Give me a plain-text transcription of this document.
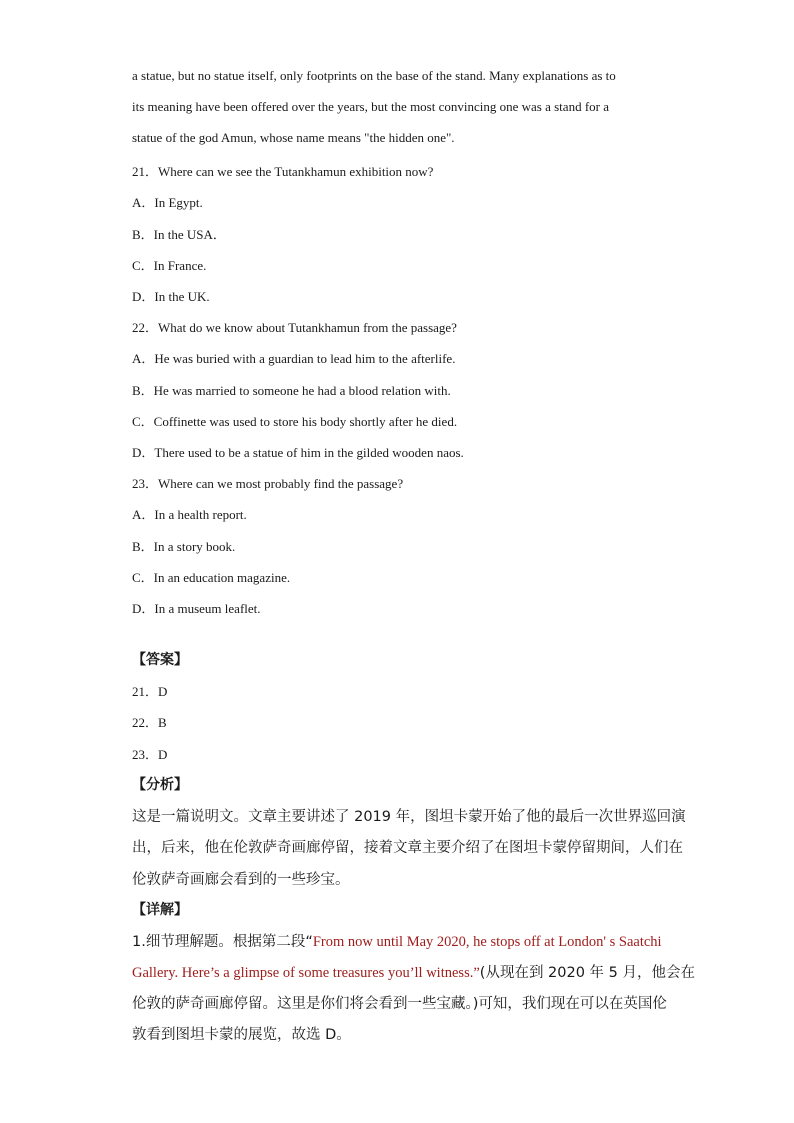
a statue, but no statue itself, only footprints on the base of the stand. Many explanations as to
its meaning have been offered over the years, but the most convincing one was a stand for a
statue of the god Amun, whose name means "the hidden one".
21．Where can we see the Tutankhamun exhibition now?
A．In Egypt.
B．In the USA．
C．In France.
D．In the UK.
22．What do we know about Tutankhamun from the passage?
A．He was buried with a guardian to lead him to the afterlife.
B．He was married to someone he had a blood relation with.
C．Coffinette was used to store his body shortly after he died.
D．There used to be a statue of him in the gilded wooden naos.
23．Where can we most probably find the passage?
A．In a health report.
B．In a story book.
C．In an education magazine.
D．In a museum leaflet.
【答案】
21．D
22．B
23．D
【分析】
这是一篇说明文。文章主要讲述了 2019 年，图坦卡蒙开始了他的最后一次世界巡回演
出，后来，他在伦敦萨奇画廊停留，接着文章主要介绍了在图坦卡蒙停留期间，人们在
伦敦萨奇画廊会看到的一些珍宝。
【详解】
1.细节理解题。根据第二段“From now until May 2020, he stops off at London' s Saatchi
Gallery. Here’s a glimpse of some treasures you’ll witness.”(从现在到 2020 年 5 月，他会在
伦敦的萨奇画廊停留。这里是你们将会看到一些宝藏。)可知，我们现在可以在英国伦
敦看到图坦卡蒙的展览，故选 D。
